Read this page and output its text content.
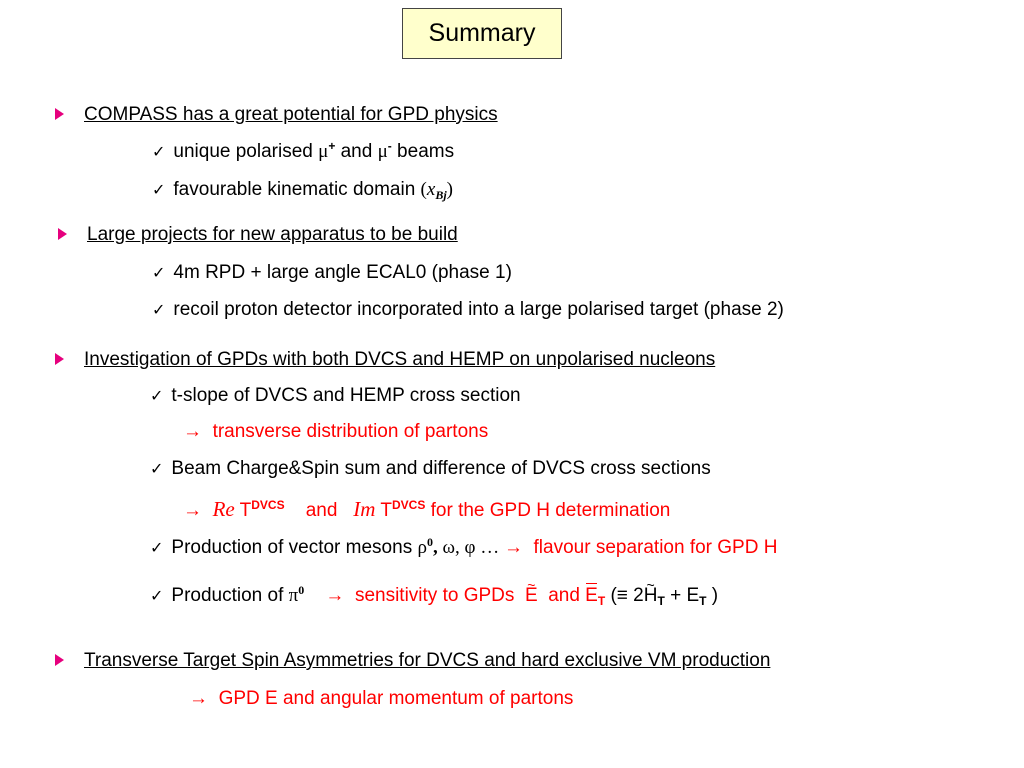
Summary
COMPASS has a great potential for GPD physics
✓ unique polarised μ+ and μ- beams
✓ favourable kinematic domain $(x_{Bj})$
Large projects for new apparatus to be build
✓ 4m RPD + large angle ECAL0 (phase 1)
✓ recoil proton detector incorporated into a large polarised target (phase 2)
Investigation of GPDs with both DVCS and HEMP on unpolarised nucleons
✓ t-slope of DVCS and HEMP cross section
→ transverse distribution of partons
✓ Beam Charge&Spin sum and difference of DVCS cross sections
→ Re $T^{DVCS}$ and Im $T^{DVCS}$ for the GPD H determination
✓ Production of vector mesons $\rho^0$, ω, φ … → flavour separation for GPD H
✓ Production of $\pi^0$ → sensitivity to GPDs  ~ E and $E_T$ (≡ 2~ $H_T + E_T$ )
Transverse Target Spin Asymmetries for DVCS and hard exclusive VM production
→ GPD E and angular momentum of partons
